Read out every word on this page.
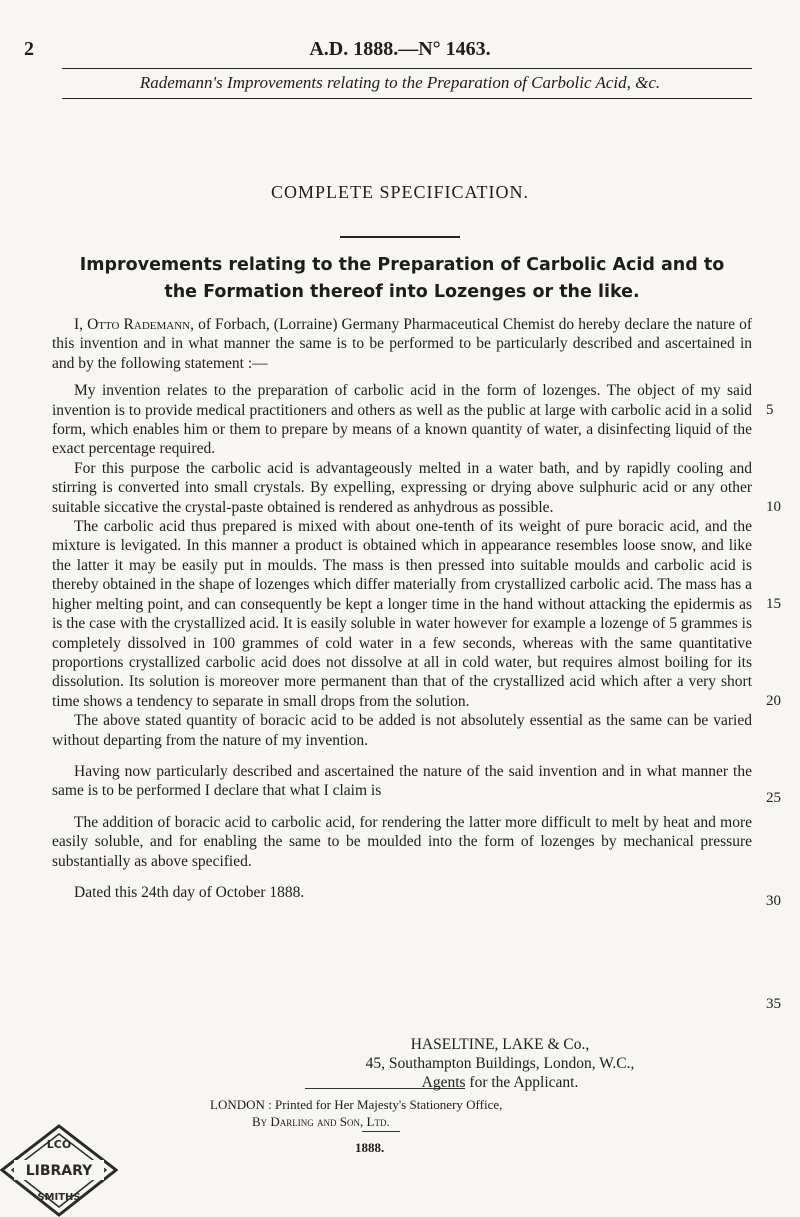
2	A.D. 1888.—N° 1463.
Rademann's Improvements relating to the Preparation of Carbolic Acid, &c.
COMPLETE SPECIFICATION.
Improvements relating to the Preparation of Carbolic Acid and to
the Formation thereof into Lozenges or the like.

I, Otto Rademann, of Forbach, (Lorraine) Germany Pharmaceutical Chemist do hereby declare the nature of this invention and in what manner the same is to be performed to be particularly described and ascertained in and by the following statement :—

My invention relates to the preparation of carbolic acid in the form of lozenges. The object of my said invention is to provide medical practitioners and others as well as the public at large with carbolic acid in a solid form, which enables him or them to prepare by means of a known quantity of water, a disinfecting liquid of the exact percentage required.

For this purpose the carbolic acid is advantageously melted in a water bath, and by rapidly cooling and stirring is converted into small crystals. By expelling, expressing or drying above sulphuric acid or any other suitable siccative the crystal-paste obtained is rendered as anhydrous as possible.

The carbolic acid thus prepared is mixed with about one-tenth of its weight of pure boracic acid, and the mixture is levigated. In this manner a product is obtained which in appearance resembles loose snow, and like the latter it may be easily put in moulds. The mass is then pressed into suitable moulds and carbolic acid is thereby obtained in the shape of lozenges which differ materially from crystallized carbolic acid. The mass has a higher melting point, and can consequently be kept a longer time in the hand without attacking the epidermis as is the case with the crystallized acid. It is easily soluble in water however for example a lozenge of 5 grammes is completely dissolved in 100 grammes of cold water in a few seconds, whereas with the same quantitative proportions crystallized carbolic acid does not dissolve at all in cold water, but requires almost boiling for its dissolution. Its solution is moreover more permanent than that of the crystallized acid which after a very short time shows a tendency to separate in small drops from the solution.

The above stated quantity of boracic acid to be added is not absolutely essential as the same can be varied without departing from the nature of my invention.

Having now particularly described and ascertained the nature of the said invention and in what manner the same is to be performed I declare that what I claim is

The addition of boracic acid to carbolic acid, for rendering the latter more difficult to melt by heat and more easily soluble, and for enabling the same to be moulded into the form of lozenges by mechanical pressure substantially as above specified.

Dated this 24th day of October 1888.

5
10
15
20
25
30
35
HASELTINE, LAKE & Co.,
45, Southampton Buildings, London, W.C.,
Agents for the Applicant.
LONDON : Printed for Her Majesty's Stationery Office,
By Darling and Son, Ltd.
1888.
LCO
LIBRARY
SMITHS
